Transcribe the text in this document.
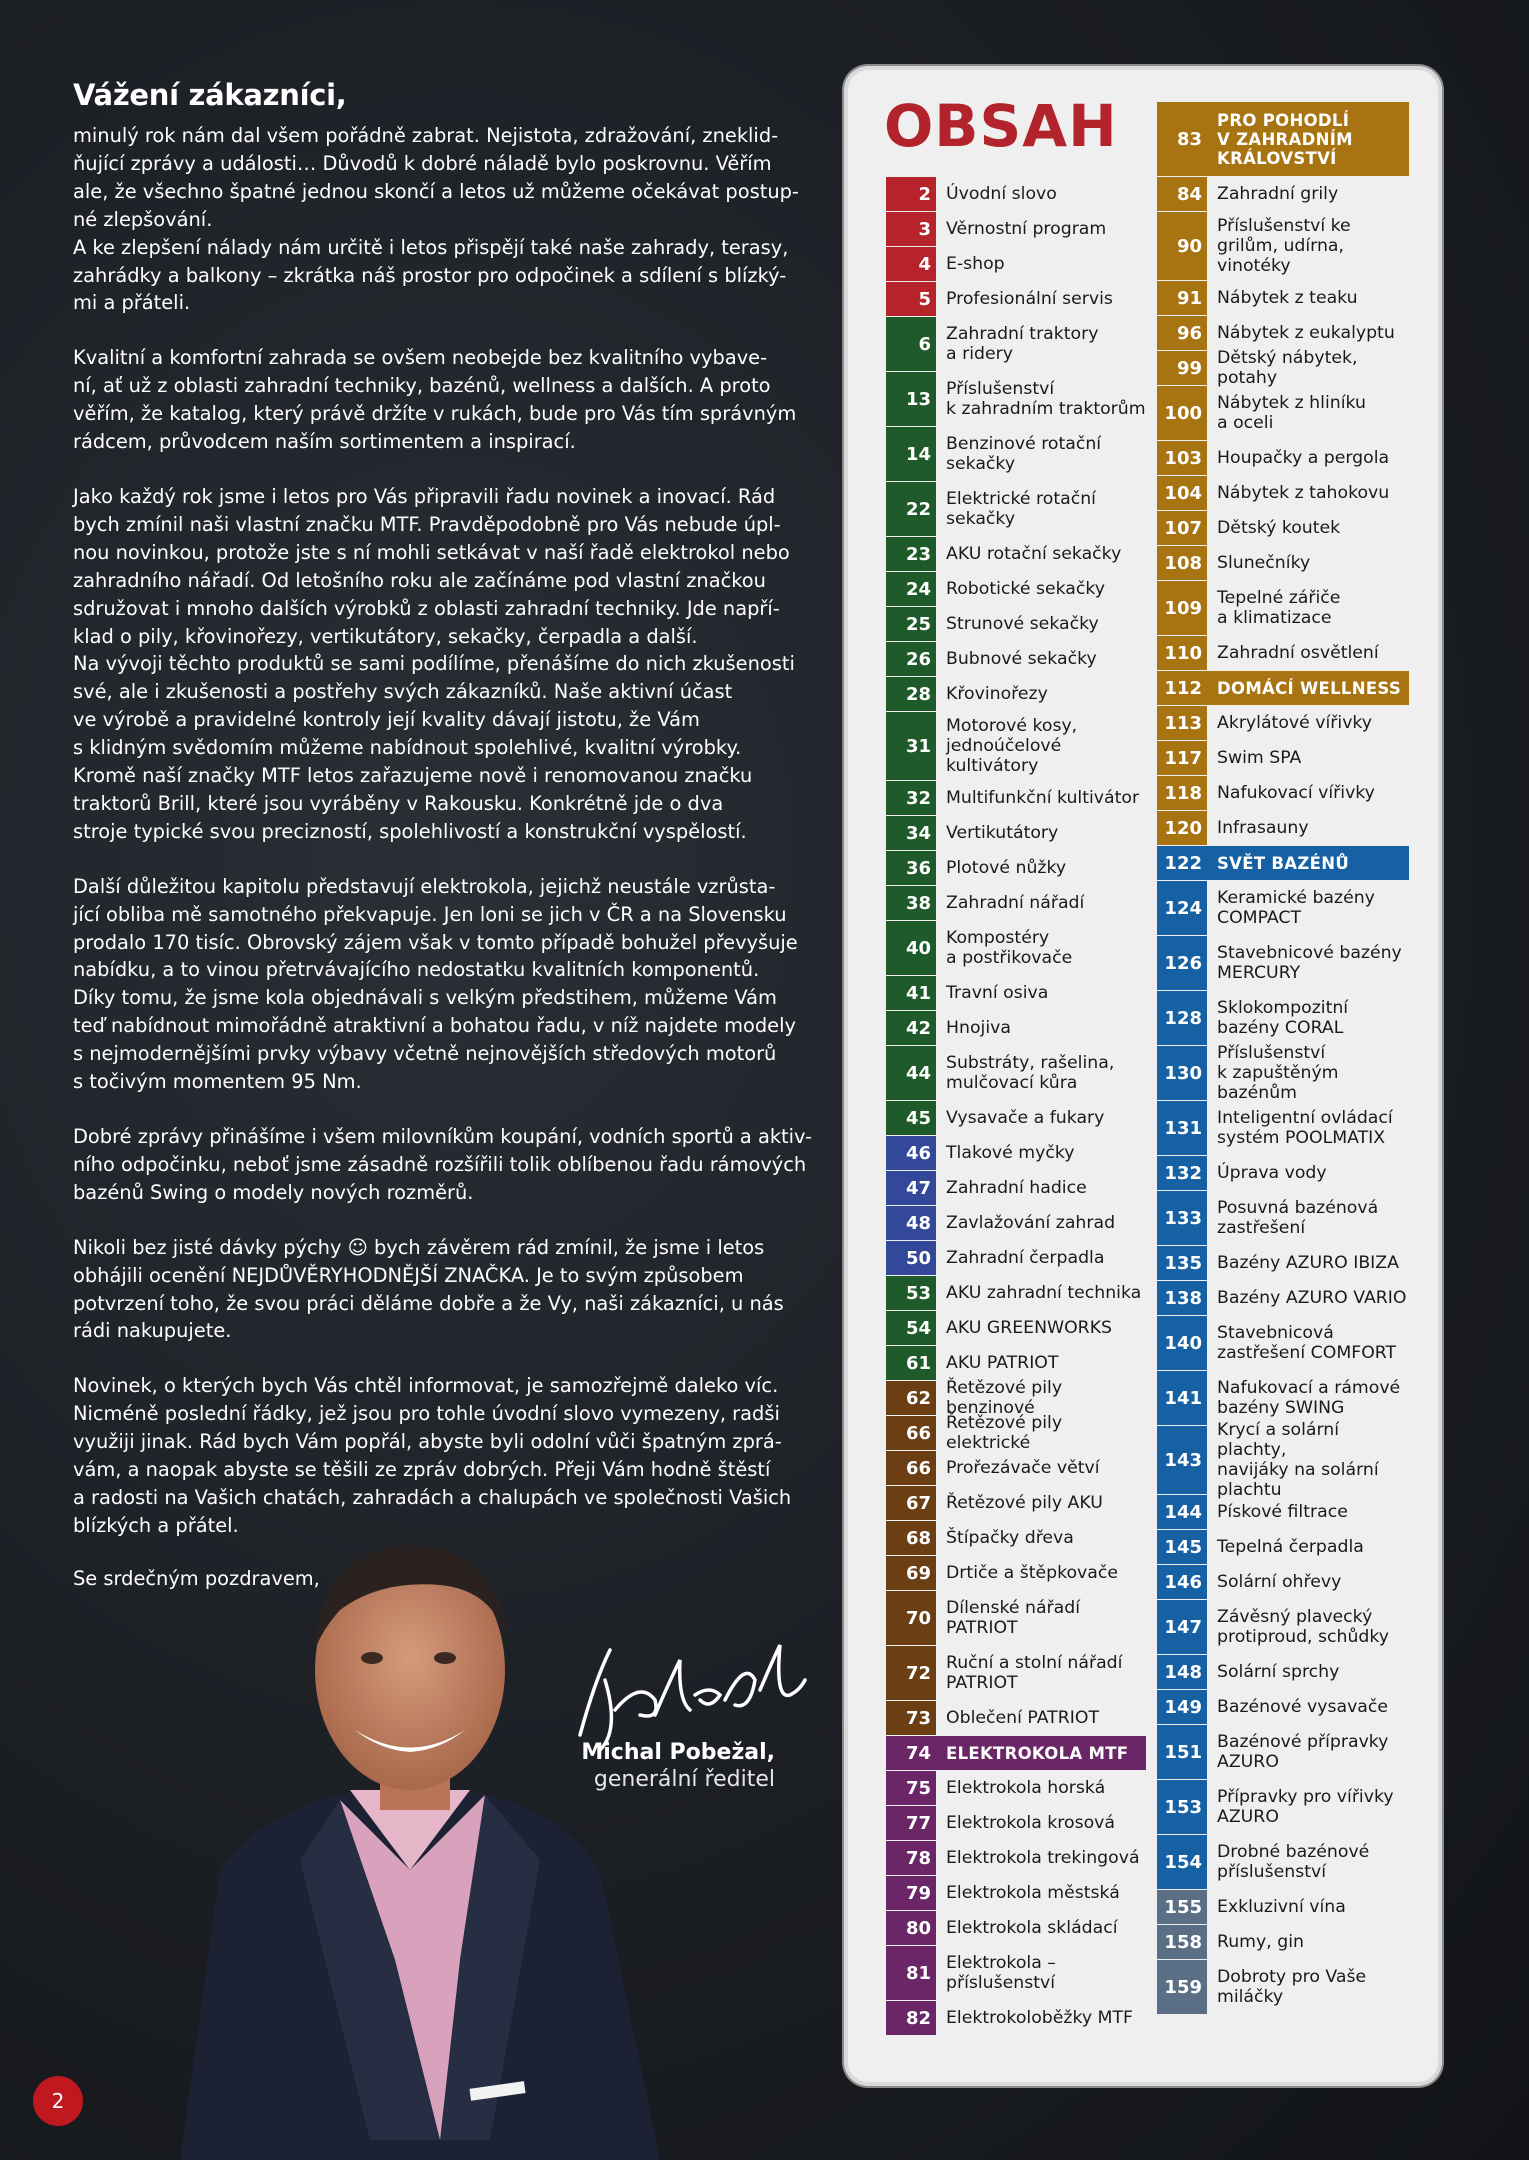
Vážení zákazníci,
minulý rok nám dal všem pořádně zabrat. Nejistota, zdražování, zneklid-
ňující zprávy a události… Důvodů k dobré náladě bylo poskrovnu. Věřím
ale, že všechno špatné jednou skončí a letos už můžeme očekávat postup-
né zlepšování.
A ke zlepšení nálady nám určitě i letos přispějí také naše zahrady, terasy,
zahrádky a balkony – zkrátka náš prostor pro odpočinek a sdílení s blízký-
mi a přáteli.
Kvalitní a komfortní zahrada se ovšem neobejde bez kvalitního vybave-
ní, ať už z oblasti zahradní techniky, bazénů, wellness a dalších. A proto
věřím, že katalog, který právě držíte v rukách, bude pro Vás tím správným
rádcem, průvodcem naším sortimentem a inspirací.
Jako každý rok jsme i letos pro Vás připravili řadu novinek a inovací. Rád
bych zmínil naši vlastní značku MTF. Pravděpodobně pro Vás nebude úpl-
nou novinkou, protože jste s ní mohli setkávat v naší řadě elektrokol nebo
zahradního nářadí. Od letošního roku ale začínáme pod vlastní značkou
sdružovat i mnoho dalších výrobků z oblasti zahradní techniky. Jde napří-
klad o pily, křovinořezy, vertikutátory, sekačky, čerpadla a další.
Na vývoji těchto produktů se sami podílíme, přenášíme do nich zkušenosti
své, ale i zkušenosti a postřehy svých zákazníků. Naše aktivní účast
ve výrobě a pravidelné kontroly její kvality dávají jistotu, že Vám
s klidným svědomím můžeme nabídnout spolehlivé, kvalitní výrobky.
Kromě naší značky MTF letos zařazujeme nově i renomovanou značku
traktorů Brill, které jsou vyráběny v Rakousku. Konkrétně jde o dva
stroje typické svou precizností, spolehlivostí a konstrukční vyspělostí.
Další důležitou kapitolu představují elektrokola, jejichž neustále vzrůsta-
jící obliba mě samotného překvapuje. Jen loni se jich v ČR a na Slovensku
prodalo 170 tisíc. Obrovský zájem však v tomto případě bohužel převyšuje
nabídku, a to vinou přetrvávajícího nedostatku kvalitních komponentů.
Díky tomu, že jsme kola objednávali s velkým předstihem, můžeme Vám
teď nabídnout mimořádně atraktivní a bohatou řadu, v níž najdete modely
s nejmodernějšími prvky výbavy včetně nejnovějších středových motorů
s točivým momentem 95 Nm.
Dobré zprávy přinášíme i všem milovníkům koupání, vodních sportů a aktiv-
ního odpočinku, neboť jsme zásadně rozšířili tolik oblíbenou řadu rámových
bazénů Swing o modely nových rozměrů.
Nikoli bez jisté dávky pýchy ☺ bych závěrem rád zmínil, že jsme i letos
obhájili ocenění NEJDŮVĚRYHODNĚJŠÍ ZNAČKA. Je to svým způsobem
potvrzení toho, že svou práci děláme dobře a že Vy, naši zákazníci, u nás
rádi nakupujete.
Novinek, o kterých bych Vás chtěl informovat, je samozřejmě daleko víc.
Nicméně poslední řádky, jež jsou pro tohle úvodní slovo vymezeny, radši
využiji jinak. Rád bych Vám popřál, abyste byli odolní vůči špatným zprá-
vám, a naopak abyste se těšili ze zpráv dobrých. Přeji Vám hodně štěstí
a radosti na Vašich chatách, zahradách a chalupách ve společnosti Vašich
blízkých a přátel.
Se srdečným pozdravem,
Michal Pobežal,
generální ředitel
2
OBSAH
2 Úvodní slovo
3 Věrnostní program
4 E-shop
5 Profesionální servis
6 Zahradní traktory
a ridery
13 Příslušenství
k zahradním traktorům
14 Benzinové rotační
sekačky
22 Elektrické rotační
sekačky
23 AKU rotační sekačky
24 Robotické sekačky
25 Strunové sekačky
26 Bubnové sekačky
28 Křovinořezy
31
Motorové kosy,
jednoúčelové
kultivátory
32 Multifunkční kultivátor
34 Vertikutátory
36 Plotové nůžky
38 Zahradní nářadí
40 Kompostéry
a postřikovače
41 Travní osiva
42 Hnojiva
44 Substráty, rašelina,
mulčovací kůra
45 Vysavače a fukary
46 Tlakové myčky
47 Zahradní hadice
48 Zavlažování zahrad
50 Zahradní čerpadla
53 AKU zahradní technika
54 AKU GREENWORKS
61 AKU PATRIOT
62 Řetězové pily benzinové
66 Řetězové pily elektrické
66 Prořezávače větví
67 Řetězové pily AKU
68 Štípačky dřeva
69 Drtiče a štěpkovače
70 Dílenské nářadí
PATRIOT
72 Ruční a stolní nářadí
PATRIOT
73 Oblečení PATRIOT
74 ELEKTROKOLA MTF
75 Elektrokola horská
77 Elektrokola krosová
78 Elektrokola trekingová
79 Elektrokola městská
80 Elektrokola skládací
81 Elektrokola –
příslušenství
82 Elektrokoloběžky MTF
83
PRO POHODLÍ
V ZAHRADNÍM
KRÁLOVSTVÍ
84 Zahradní grily
90
Příslušenství ke
grilům, udírna,
vinotéky
91 Nábytek z teaku
96 Nábytek z eukalyptu
99 Dětský nábytek, potahy
100 Nábytek z hliníku
a oceli
103 Houpačky a pergola
104 Nábytek z tahokovu
107 Dětský koutek
108 Slunečníky
109 Tepelné zářiče
a klimatizace
110 Zahradní osvětlení
112 DOMÁCÍ WELLNESS
113 Akrylátové vířivky
117 Swim SPA
118 Nafukovací vířivky
120 Infrasauny
122 SVĚT BAZÉNŮ
124 Keramické bazény
COMPACT
126 Stavebnicové bazény
MERCURY
128 Sklokompozitní
bazény CORAL
130
Příslušenství
k zapuštěným bazénům
131 Inteligentní ovládací
systém POOLMATIX
132 Úprava vody
133 Posuvná bazénová
zastřešení
135 Bazény AZURO IBIZA
138 Bazény AZURO VARIO
140 Stavebnicová
zastřešení COMFORT
141 Nafukovací a rámové
bazény SWING
143
Krycí a solární plachty,
navijáky na solární
plachtu
144 Pískové filtrace
145 Tepelná čerpadla
146 Solární ohřevy
147 Závěsný plavecký
protiproud, schůdky
148 Solární sprchy
149 Bazénové vysavače
151 Bazénové přípravky
AZURO
153 Přípravky pro vířivky
AZURO
154 Drobné bazénové
příslušenství
155 Exkluzivní vína
158 Rumy, gin
159 Dobroty pro Vaše
miláčky
